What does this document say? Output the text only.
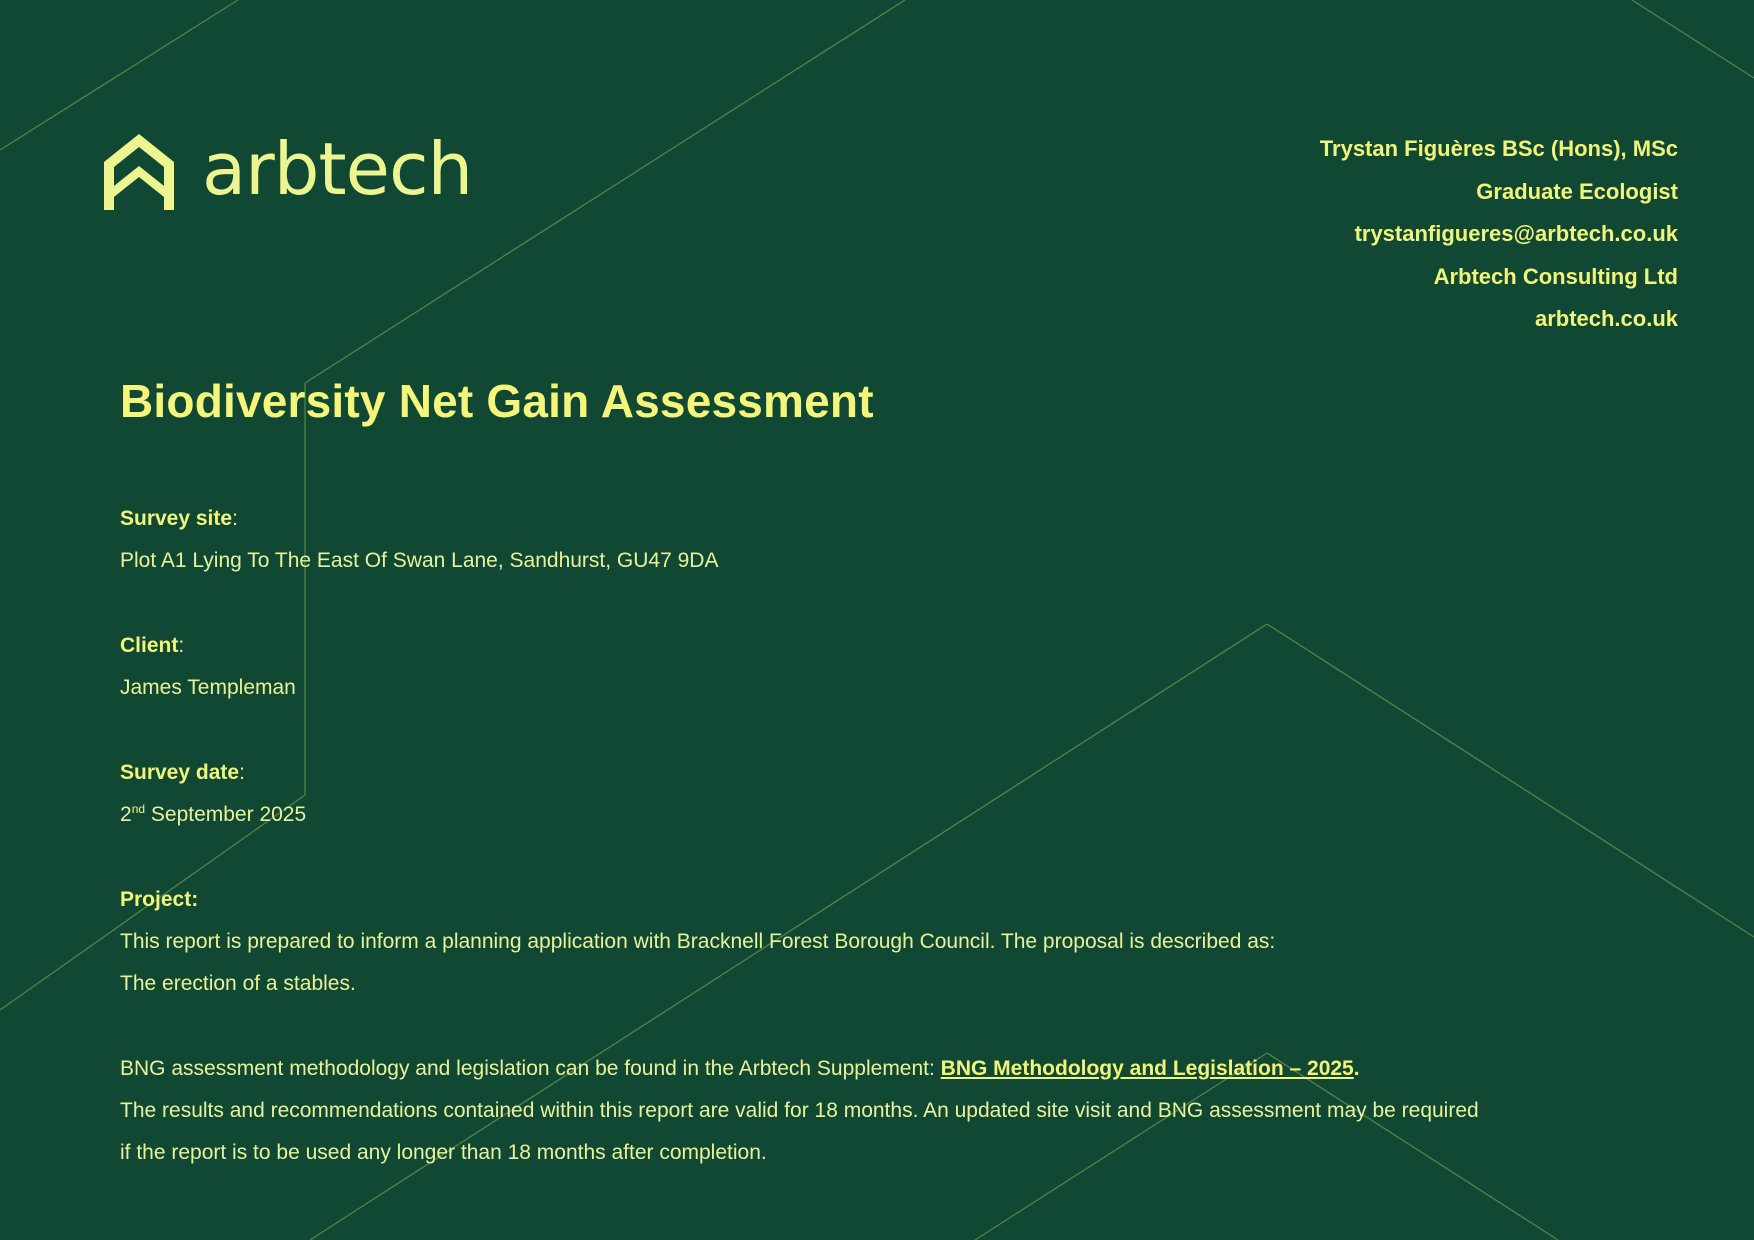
arbtech	Trystan Figuères BSc (Hons), MSc
Graduate Ecologist
trystanfigueres@arbtech.co.uk
Arbtech Consulting Ltd
arbtech.co.uk
Biodiversity Net Gain Assessment
Survey site:
Plot A1 Lying To The East Of Swan Lane, Sandhurst, GU47 9DA
Client:
James Templeman
Survey date:
2nd September 2025
Project:
This report is prepared to inform a planning application with Bracknell Forest Borough Council. The proposal is described as:
The erection of a stables.
BNG assessment methodology and legislation can be found in the Arbtech Supplement: BNG Methodology and Legislation – 2025.
The results and recommendations contained within this report are valid for 18 months. An updated site visit and BNG assessment may be required
if the report is to be used any longer than 18 months after completion.
